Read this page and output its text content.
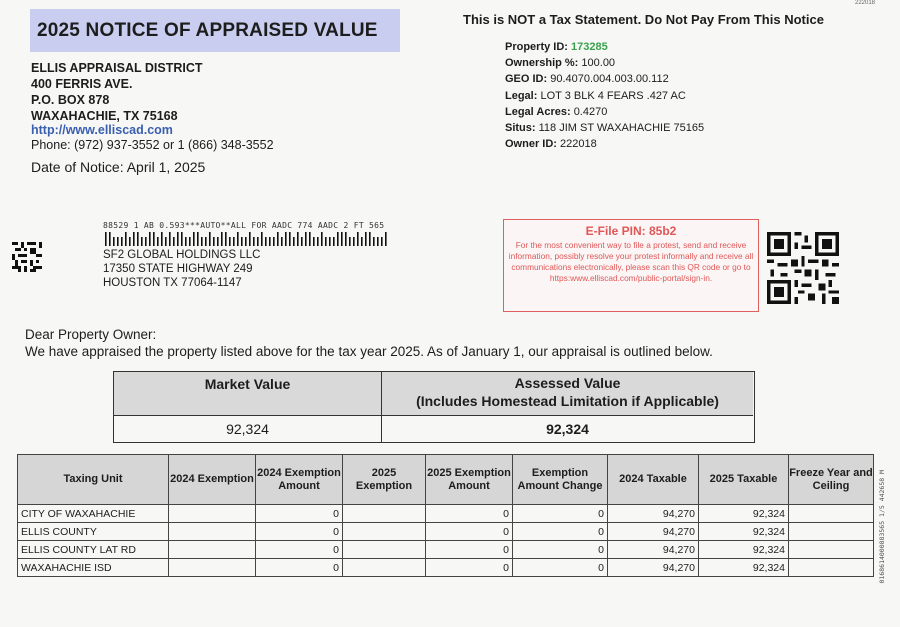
2025 NOTICE OF APPRAISED VALUE
222018
This is NOT a Tax Statement. Do Not Pay From This Notice
ELLIS APPRAISAL DISTRICT
400 FERRIS AVE.
P.O. BOX 878
WAXAHACHIE, TX 75168
http://www.elliscad.com
Phone: (972) 937-3552 or 1 (866) 348-3552
Date of Notice: April 1, 2025
Property ID: 173285
Ownership %: 100.00
GEO ID: 90.4070.004.003.00.112
Legal: LOT 3 BLK 4 FEARS .427 AC
Legal Acres: 0.4270
Situs: 118 JIM ST WAXAHACHIE 75165
Owner ID: 222018
88529 1 AB 0.593***AUTO**ALL FOR AADC 774 AADC 2 FT 565
SF2 GLOBAL HOLDINGS LLC
17350 STATE HIGHWAY 249
HOUSTON TX 77064-1147
E-File PIN: 85b2
For the most convenient way to file a protest, send and receive information, possibly resolve your protest informally and receive all communications electronically, please scan this QR code or go to https:www.elliscad.com/public-portal/sign-in.
Dear Property Owner:
We have appraised the property listed above for the tax year 2025. As of January 1, our appraisal is outlined below.
Market Value	Assessed Value
(Includes Homestead Limitation if Applicable)
92,324	92,324
Taxing Unit	2024 Exemption	2024 Exemption Amount	2025 Exemption	2025 Exemption Amount	Exemption Amount Change	2024 Taxable	2025 Taxable	Freeze Year and Ceiling
CITY OF WAXAHACHIE		0		0	0	94,270	92,324	
ELLIS COUNTY		0		0	0	94,270	92,324	
ELLIS COUNTY LAT RD		0		0	0	94,270	92,324	
WAXAHACHIE ISD		0		0	0	94,270	92,324		0168614000883565 1/5 442658 M
